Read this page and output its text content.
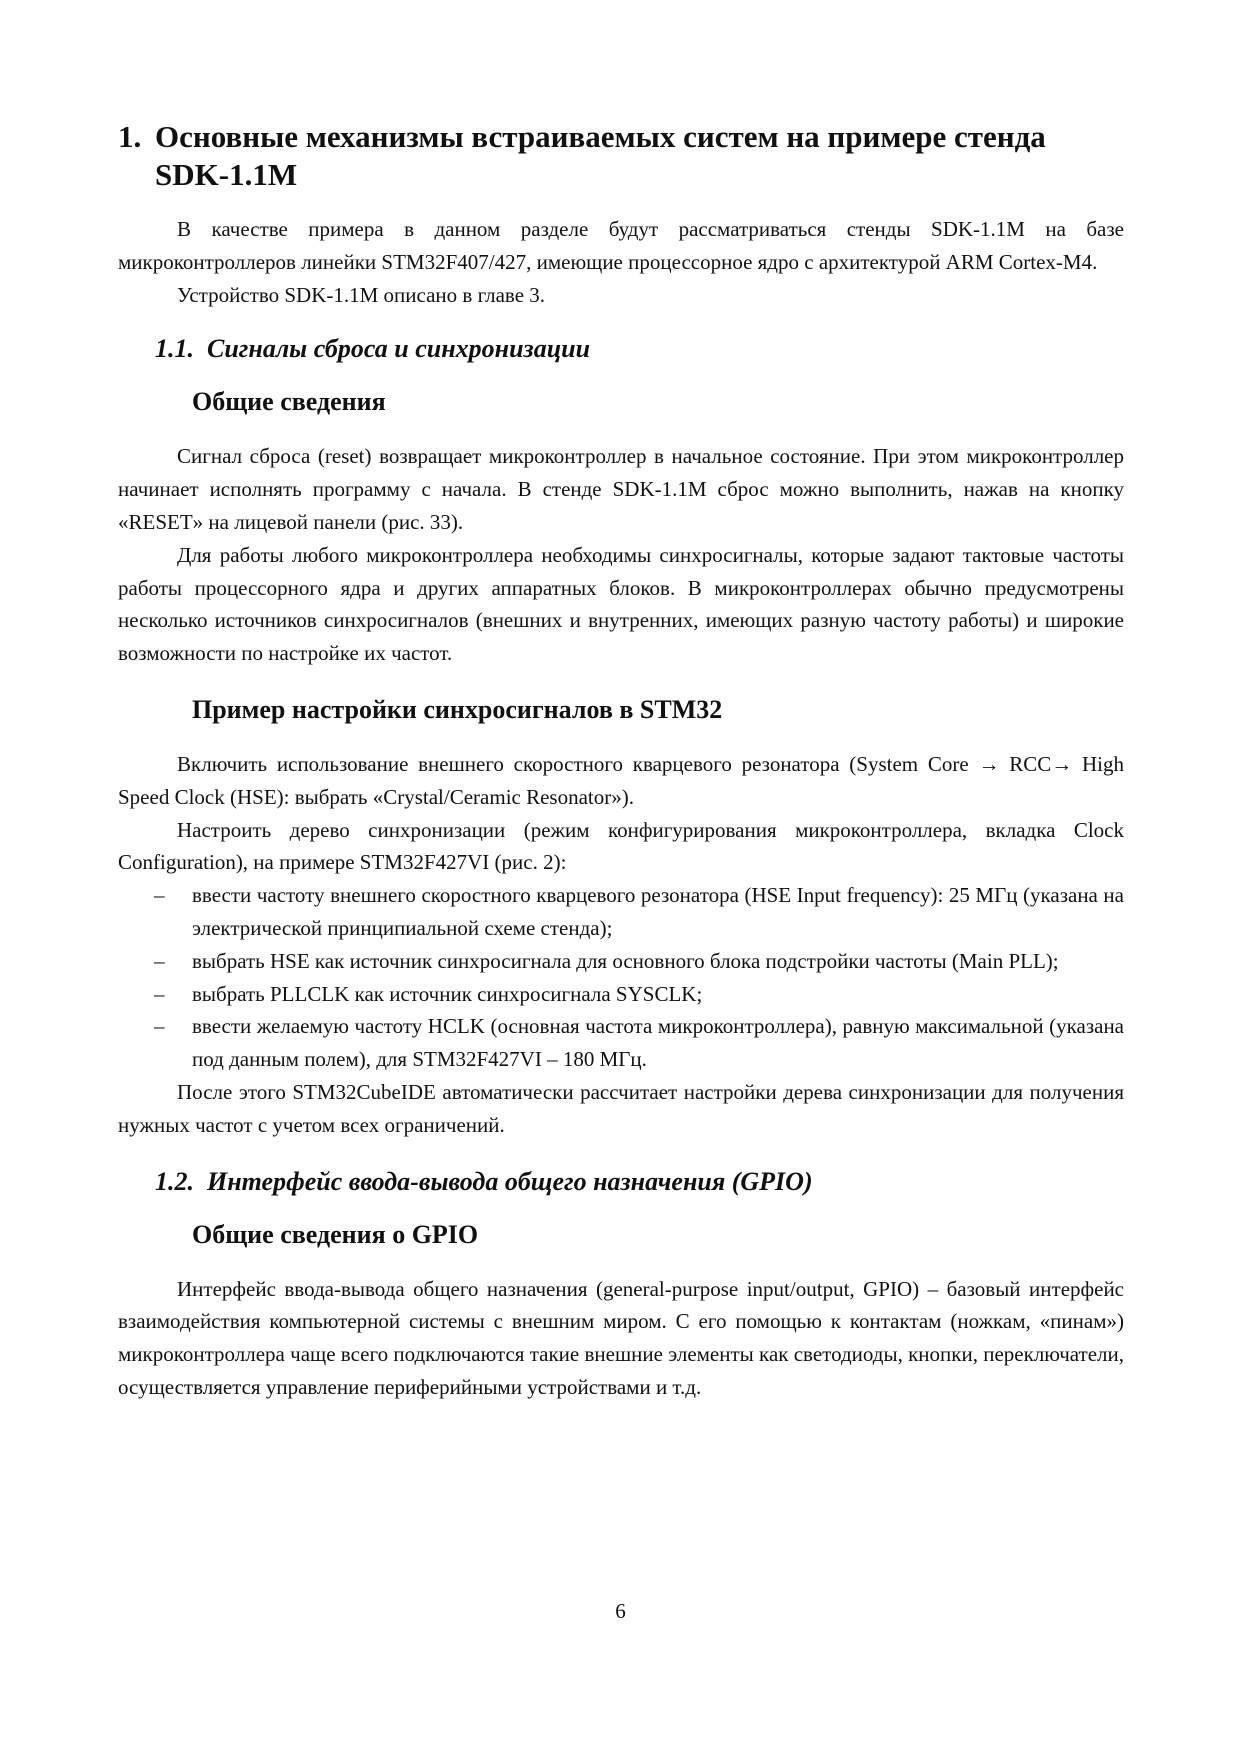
1. Основные механизмы встраиваемых систем на примере стенда SDK-1.1M

В качестве примера в данном разделе будут рассматриваться стенды SDK-1.1M на базе микроконтроллеров линейки STM32F407/427, имеющие процессорное ядро с архитектурой ARM Cortex-M4.

Устройство SDK-1.1M описано в главе 3.

1.1. Сигналы сброса и синхронизации
Общие сведения

Сигнал сброса (reset) возвращает микроконтроллер в начальное состояние. При этом микроконтроллер начинает исполнять программу с начала. В стенде SDK-1.1M сброс можно выполнить, нажав на кнопку «RESET» на лицевой панели (рис. 33).

Для работы любого микроконтроллера необходимы синхросигналы, которые задают тактовые частоты работы процессорного ядра и других аппаратных блоков. В микроконтроллерах обычно предусмотрены несколько источников синхросигналов (внешних и внутренних, имеющих разную частоту работы) и широкие возможности по настройке их частот.

Пример настройки синхросигналов в STM32

Включить использование внешнего скоростного кварцевого резонатора (System Core → RCC→ High Speed Clock (HSE): выбрать «Crystal/Ceramic Resonator»).

Настроить дерево синхронизации (режим конфигурирования микроконтроллера, вкладка Clock Configuration), на примере STM32F427VI (рис. 2):

– ввести частоту внешнего скоростного кварцевого резонатора (HSE Input frequency): 25 МГц (указана на электрической принципиальной схеме стенда);
– выбрать HSE как источник синхросигнала для основного блока подстройки частоты (Main PLL);
– выбрать PLLCLK как источник синхросигнала SYSCLK;
– ввести желаемую частоту HCLK (основная частота микроконтроллера), равную максимальной (указана под данным полем), для STM32F427VI – 180 МГц.

После этого STM32CubeIDE автоматически рассчитает настройки дерева синхронизации для получения нужных частот с учетом всех ограничений.

1.2. Интерфейс ввода-вывода общего назначения (GPIO)
Общие сведения о GPIO

Интерфейс ввода-вывода общего назначения (general-purpose input/output, GPIO) – базовый интерфейс взаимодействия компьютерной системы с внешним миром. С его помощью к контактам (ножкам, «пинам») микроконтроллера чаще всего подключаются такие внешние элементы как светодиоды, кнопки, переключатели, осуществляется управление периферийными устройствами и т.д.

6
